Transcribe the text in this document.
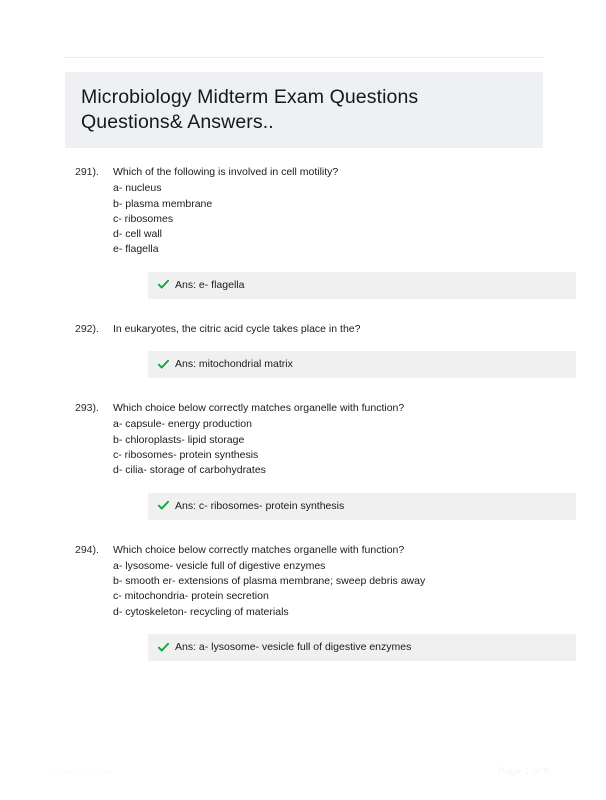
Microbiology Midterm Exam Questions
Questions& Answers..
291).	Which of the following is involved in cell motility?

a- nucleus
b- plasma membrane
c- ribosomes
d- cell wall
e- flagella
Ans: e- flagella
292).	In eukaryotes, the citric acid cycle takes place in the?

Ans: mitochondrial matrix
293).	Which choice below correctly matches organelle with function?

a- capsule- energy production
b- chloroplasts- lipid storage
c- ribosomes- protein synthesis
d- cilia- storage of carbohydrates
Ans: c- ribosomes- protein synthesis
294).	Which choice below correctly matches organelle with function?

a- lysosome- vesicle full of digestive enzymes
b- smooth er- extensions of plasma membrane; sweep debris away
c- mitochondria- protein secretion
d- cytoskeleton- recycling of materials
Ans: a- lysosome- vesicle full of digestive enzymes
PaperTitle.com	Page 1 of 6
